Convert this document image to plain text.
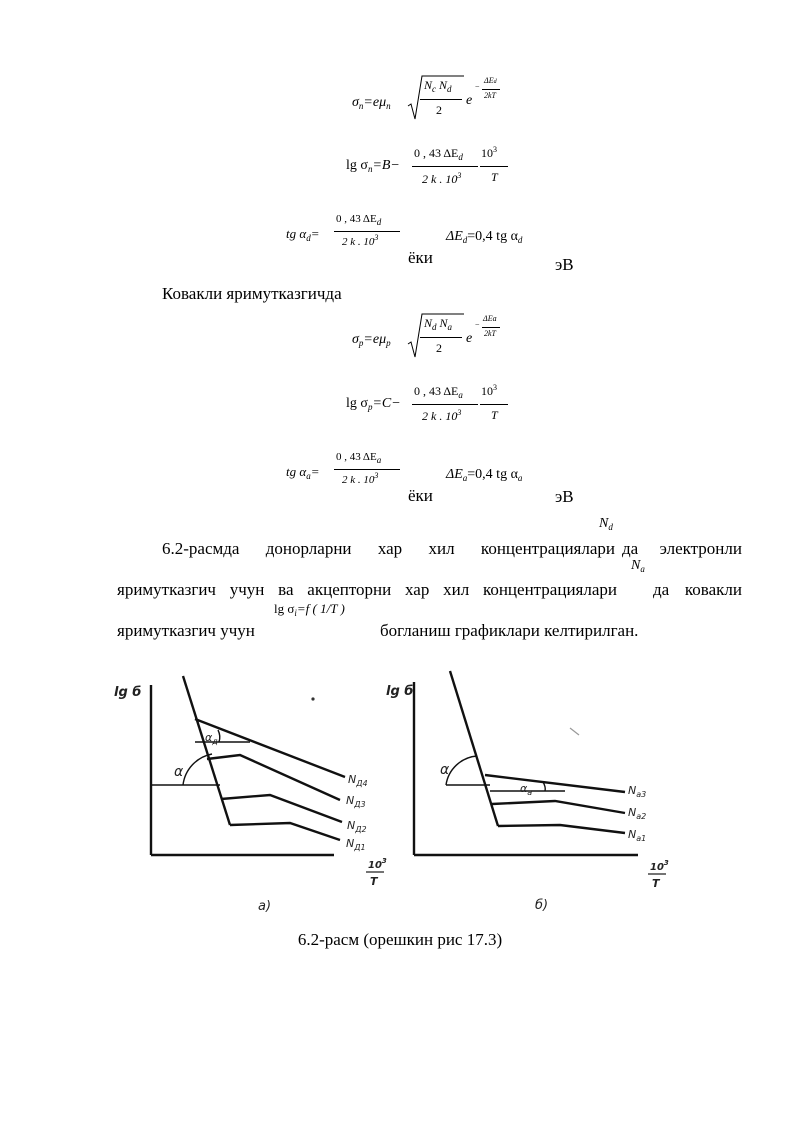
$\sigma_n=e\mu_n$
$N_c$ $N_d$
2
e
−
ΔEd
2kT
$\lg \sigma_n=B-$
0 , 43 $\Delta E_d$
2 k . $10^3$
$10^3$
T
tg $\alpha_d=$
0 , 43 $\Delta E_d$
2 k . $10^3$
ёки
$\Delta E_d=0,4$ tg $\alpha_d$
эВ
Ковакли яримутказгичда
$\sigma_p=e\mu_p$
$N_d$ $N_a$
2
e
−
ΔEa
2kT
$\lg \sigma_p=C-$
0 , 43 $\Delta E_a$
2 k . $10^3$
$10^3$
T
tg $\alpha_a=$
0 , 43 $\Delta E_a$
2 k . $10^3$
ёки
$\Delta E_a=0,4$ tg $\alpha_a$
эВ
6.2-расмда донорларни хар хил концентрациялари
$N_d$
да электронли
яримутказгич учун ва акцепторни хар хил концентрациялари
$N_a$
да ковакли
яримутказгич учун
$\lg \sigma_i=f$ ( 1/T )
богланиш графиклари келтирилган.
lg б
α
$\alpha_д$
$N_{Д4}$
$N_{Д3}$
$N_{Д2}$
$N_{Д1}$
$10^3$
T
а)
lg б
α
$\alpha_a$	$N_{a3}$
$N_{a2}$
$N_{a1}$
$10^3$
T
б)
6.2-расм (орешкин рис 17.3)
